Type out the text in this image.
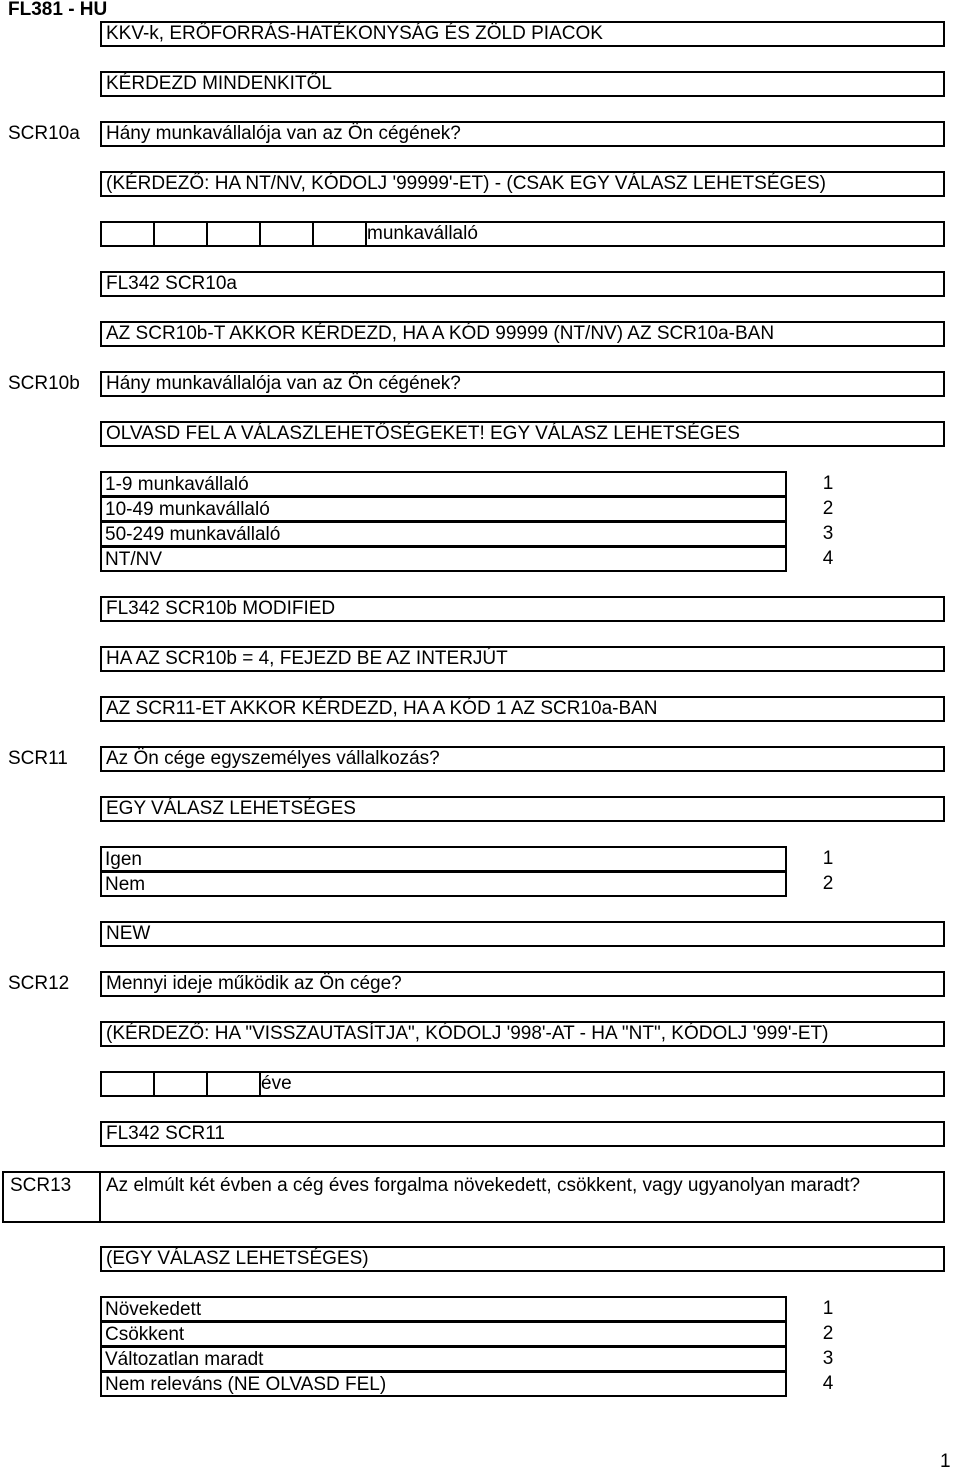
FL381 - HU
KKV-k, ERŐFORRÁS-HATÉKONYSÁG ÉS ZÖLD PIACOK
KÉRDEZD MINDENKITŐL
SCR10a Hány munkavállalója van az Ön cégének?
(KÉRDEZŐ: HA NT/NV, KÓDOLJ '99999'-ET) - (CSAK EGY VÁLASZ LEHETSÉGES)
munkavállaló
FL342 SCR10a
AZ SCR10b-T AKKOR KÉRDEZD, HA A KÓD 99999 (NT/NV) AZ SCR10a-BAN
SCR10b Hány munkavállalója van az Ön cégének?
OLVASD FEL A VÁLASZLEHETŐSÉGEKET! EGY VÁLASZ LEHETSÉGES
1-9 munkavállaló	1
10-49 munkavállaló	2
50-249 munkavállaló	3
NT/NV	4
FL342 SCR10b MODIFIED
HA AZ SCR10b = 4, FEJEZD BE AZ INTERJÚT
AZ SCR11-ET AKKOR KÉRDEZD, HA A KÓD 1 AZ SCR10a-BAN
SCR11 Az Ön cége egyszemélyes vállalkozás?
EGY VÁLASZ LEHETSÉGES
Igen	1
Nem	2
NEW
SCR12 Mennyi ideje működik az Ön cége?
(KÉRDEZŐ: HA "VISSZAUTASÍTJA", KÓDOLJ '998'-AT - HA "NT", KÓDOLJ '999'-ET)
éve
FL342 SCR11
SCR13 Az elmúlt két évben a cég éves forgalma növekedett, csökkent, vagy ugyanolyan maradt?
(EGY VÁLASZ LEHETSÉGES)
Növekedett	1
Csökkent	2
Változatlan maradt	3
Nem releváns (NE OLVASD FEL)	4
1
